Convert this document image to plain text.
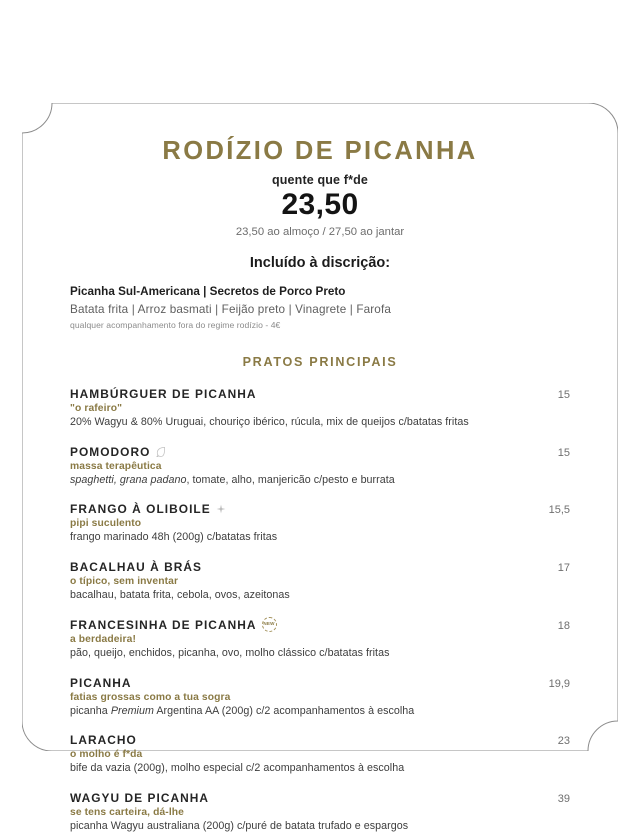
RODÍZIO DE PICANHA
quente que f*de
23,50
23,50 ao almoço / 27,50 ao jantar
Incluído à discrição:
Picanha Sul-Americana | Secretos de Porco Preto
Batata frita | Arroz basmati | Feijão preto | Vinagrete | Farofa
qualquer acompanhamento fora do regime rodízio - 4€
PRATOS PRINCIPAIS
HAMBÚRGUER DE PICANHA	15
"o rafeiro"
20% Wagyu & 80% Uruguai, chouriço ibérico, rúcula, mix de queijos c/batatas fritas
POMODORO	15
massa terapêutica
spaghetti, grana padano, tomate, alho, manjericão c/pesto e burrata
FRANGO À OLIBOILE	15,5
pipi suculento
frango marinado 48h (200g) c/batatas fritas
BACALHAU À BRÁS	17
o típico, sem inventar
bacalhau, batata frita, cebola, ovos, azeitonas
FRANCESINHA DE PICANHA	NEW	18
a berdadeira!
pão, queijo, enchidos, picanha, ovo, molho clássico c/batatas fritas
PICANHA	19,9
fatias grossas como a tua sogra
picanha Premium Argentina AA (200g) c/2 acompanhamentos à escolha
LARACHO	23
o molho é f*da
bife da vazia (200g), molho especial c/2 acompanhamentos à escolha
WAGYU DE PICANHA	39
se tens carteira, dá-lhe
picanha Wagyu australiana (200g) c/puré de batata trufado e espargos
